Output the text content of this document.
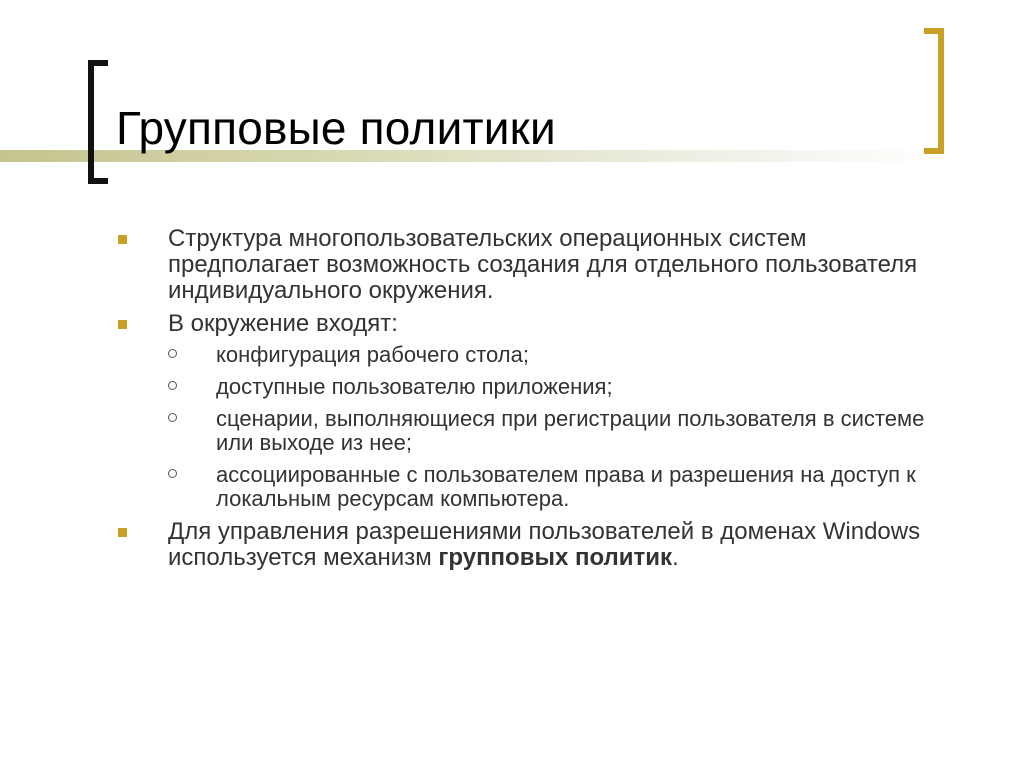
Групповые политики
Структура многопользовательских операционных систем предполагает возможность создания для отдельного пользователя индивидуального окружения.
В окружение входят:
конфигурация рабочего стола;
доступные пользователю приложения;
сценарии, выполняющиеся при регистрации пользователя в системе или выходе из нее;
ассоциированные с пользователем права и разрешения на доступ к локальным ресурсам компьютера.
Для управления разрешениями пользователей в доменах Windows используется механизм групповых политик.
